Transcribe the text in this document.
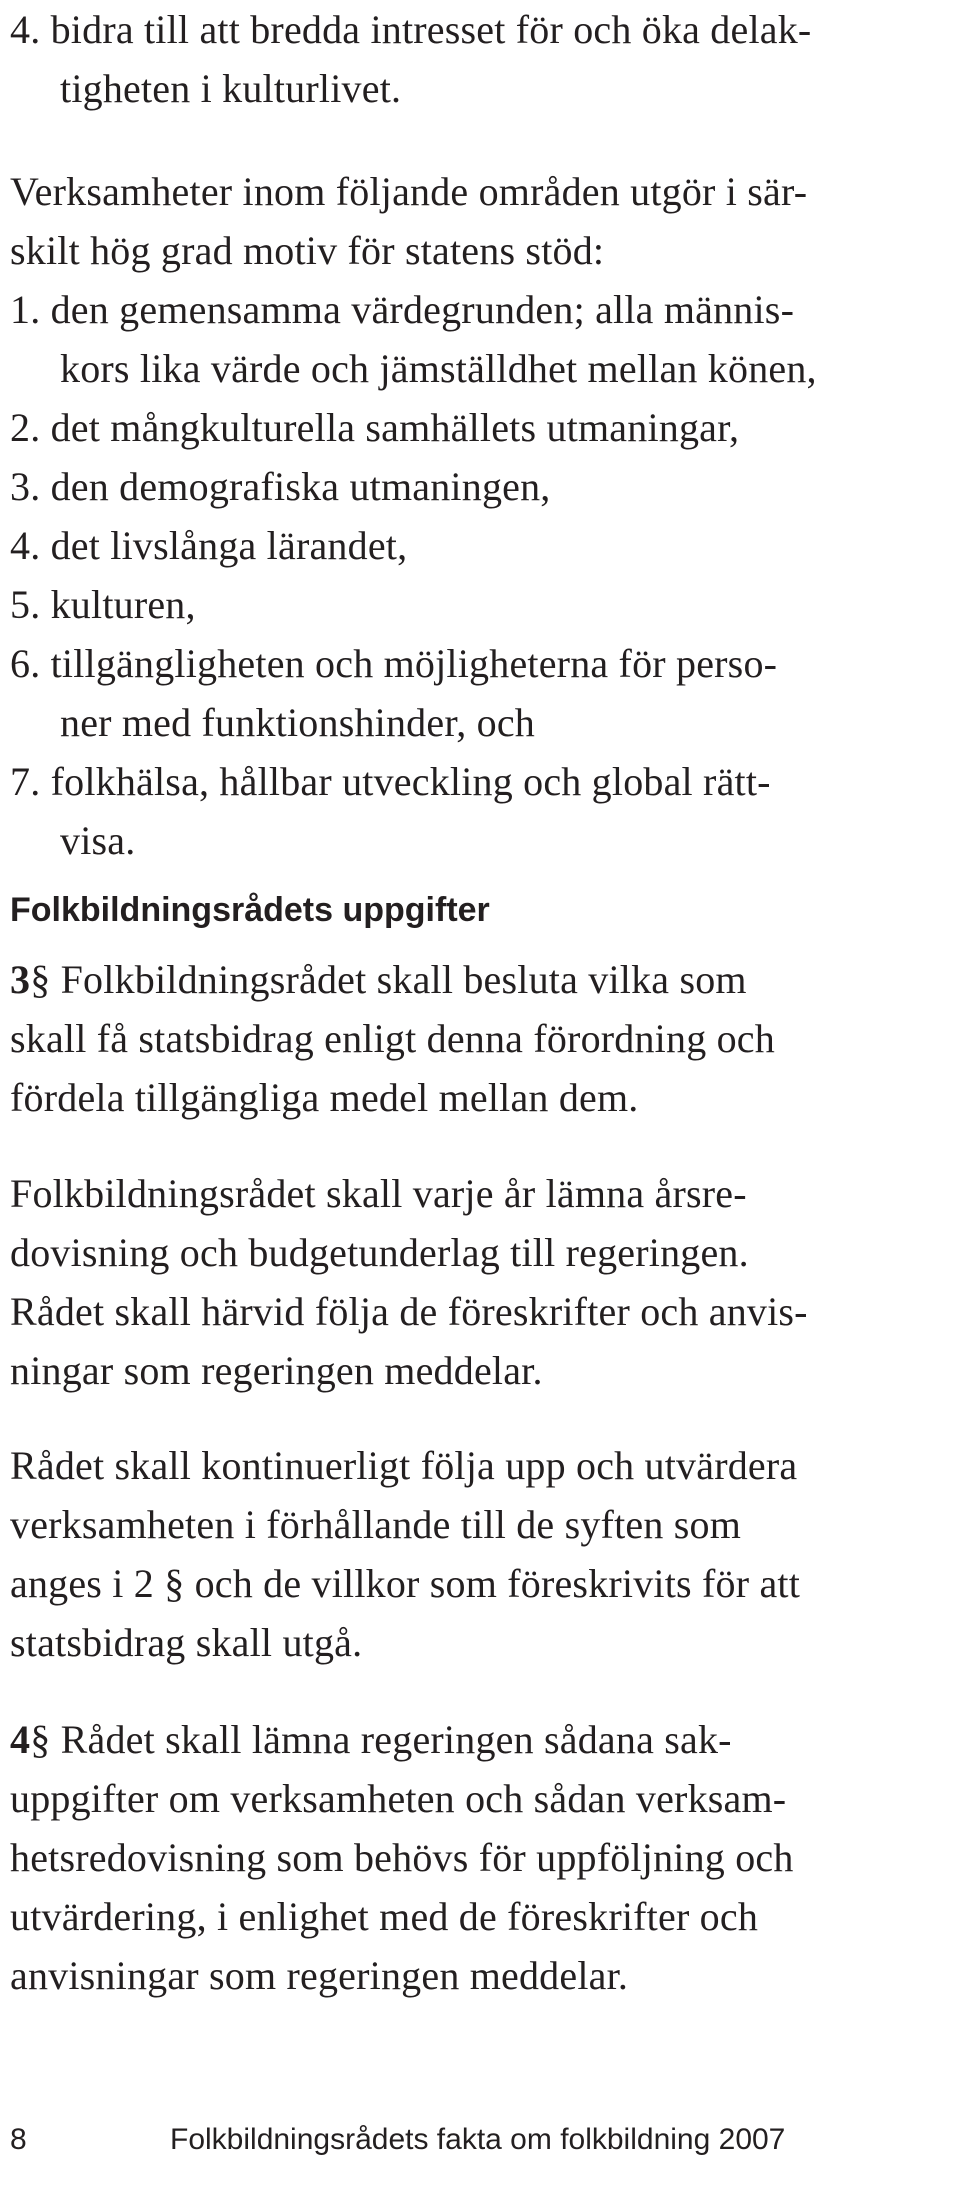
4. bidra till att bredda intresset för och öka delak-
tigheten i kulturlivet.
Verksamheter inom följande områden utgör i sär-
skilt hög grad motiv för statens stöd:
1. den gemensamma värdegrunden; alla männis-
kors lika värde och jämställdhet mellan könen,
2. det mångkulturella samhällets utmaningar,
3. den demografiska utmaningen,
4. det livslånga lärandet,
5. kulturen,
6. tillgängligheten och möjligheterna för perso-
ner med funktionshinder, och
7. folkhälsa, hållbar utveckling och global rätt-
visa.
Folkbildningsrådets uppgifter
3§ Folkbildningsrådet skall besluta vilka som
skall få statsbidrag enligt denna förordning och
fördela tillgängliga medel mellan dem.
Folkbildningsrådet skall varje år lämna årsre-
dovisning och budgetunderlag till regeringen.
Rådet skall härvid följa de föreskrifter och anvis-
ningar som regeringen meddelar.
Rådet skall kontinuerligt följa upp och utvärdera
verksamheten i förhållande till de syften som
anges i 2 § och de villkor som föreskrivits för att
statsbidrag skall utgå.
4§ Rådet skall lämna regeringen sådana sak-
uppgifter om verksamheten och sådan verksam-
hetsredovisning som behövs för uppföljning och
utvärdering, i enlighet med de föreskrifter och
anvisningar som regeringen meddelar.
8	Folkbildningsrådets fakta om folkbildning 2007
